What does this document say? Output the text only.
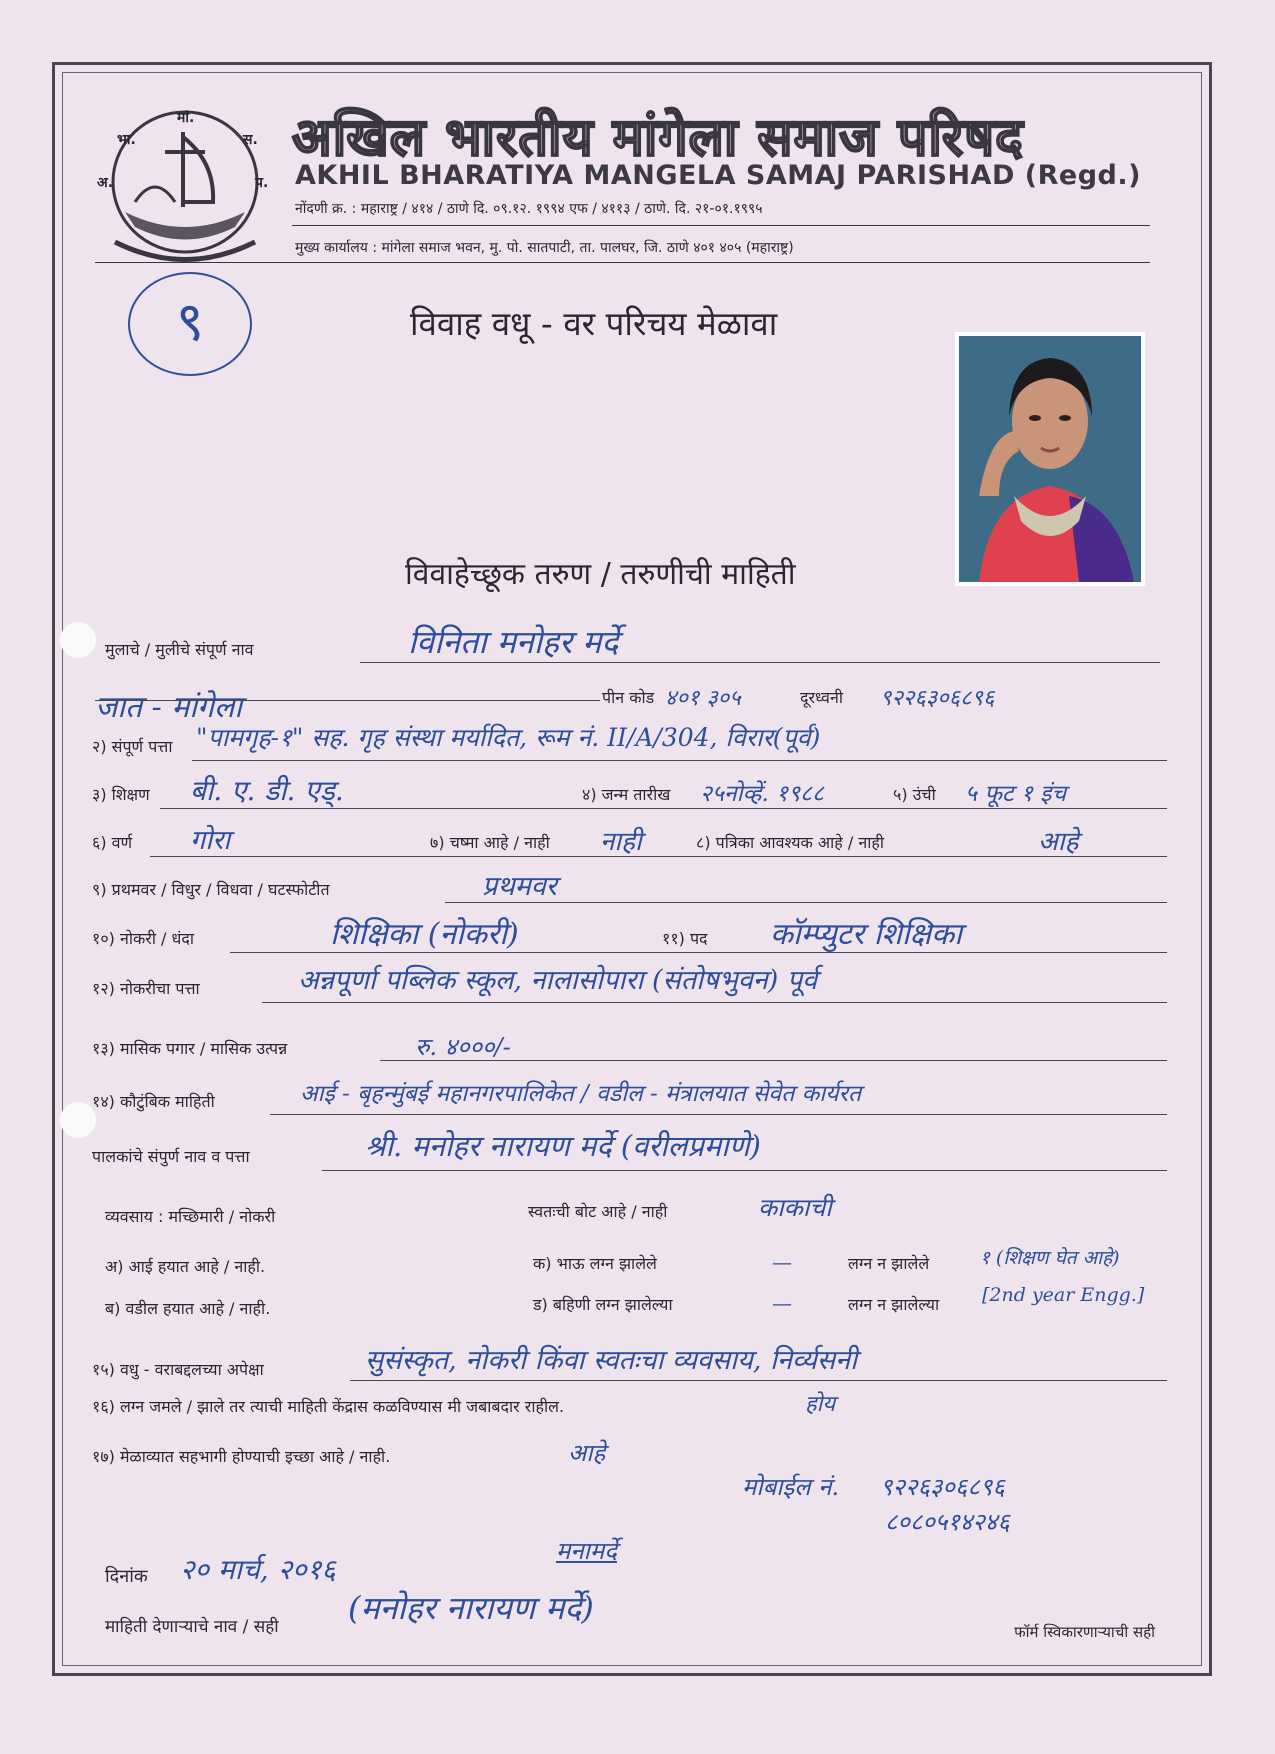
मां.
भा.
अ.
स.
प.
अखिल भारतीय मांगेला समाज परिषद
AKHIL BHARATIYA MANGELA SAMAJ PARISHAD (Regd.)
नोंदणी क्र. : महाराष्ट्र / ४१४ / ठाणे दि. ०९.१२. १९९४ एफ / ४११३ / ठाणे. दि. २१-०१.१९९५
मुख्य कार्यालय : मांगेला समाज भवन, मु. पो. सातपाटी, ता. पालघर, जि. ठाणे ४०१ ४०५ (महाराष्ट्र)
९	विवाह वधू - वर परिचय मेळावा
विवाहेच्छूक तरुण / तरुणीची माहिती
मुलाचे / मुलीचे संपूर्ण नाव	विनिता मनोहर मर्दे
जात - मांगेला	पीन कोड ४०१ ३०५	दूरध्वनी ९२२६३०६८९६
२) संपूर्ण पत्ता "पामगृह-१" सह. गृह संस्था मर्यादित, रूम नं. II/A/304, विरार(पूर्व)
३) शिक्षण बी. ए. डी. एड्.	४) जन्म तारीख २५नोव्हें. १९८८	५) उंची ५ फूट १ इंच
६) वर्ण गोरा	७) चष्मा आहे / नाही नाही	८) पत्रिका आवश्यक आहे / नाही	आहे
९) प्रथमवर / विधुर / विधवा / घटस्फोटीत	प्रथमवर
१०) नोकरी / धंदा	शिक्षिका (नोकरी)	११) पद कॉम्प्युटर शिक्षिका
१२) नोकरीचा पत्ता	अन्नपूर्णा पब्लिक स्कूल, नालासोपारा (संतोषभुवन) पूर्व
१३) मासिक पगार / मासिक उत्पन्न	रु. ४०००/-
१४) कौटुंबिक माहिती	आई - बृहन्मुंबई महानगरपालिकेत / वडील - मंत्रालयात सेवेत कार्यरत
पालकांचे संपुर्ण नाव व पत्ता	श्री. मनोहर नारायण मर्दे (वरीलप्रमाणे)
व्यवसाय : मच्छिमारी / नोकरी	स्वतःची बोट आहे / नाही	काकाची
अ) आई हयात आहे / नाही.
ब) वडील हयात आहे / नाही.
क) भाऊ लग्न झालेले	—	लग्न न झालेले	१ (शिक्षण घेत आहे)
ड) बहिणी लग्न झालेल्या	—	लग्न न झालेल्या [2nd year Engg.]
१५) वधु - वराबद्दलच्या अपेक्षा	सुसंस्कृत, नोकरी किंवा स्वतःचा व्यवसाय, निर्व्यसनी
१६) लग्न जमले / झाले तर त्याची माहिती केंद्रास कळविण्यास मी जबाबदार राहील.	होय
१७) मेळाव्यात सहभागी होण्याची इच्छा आहे / नाही.	आहे
मोबाईल नं. ९२२६३०६८९६
८०८०५१४२४६
दिनांक २० मार्च, २०१६
मनामर्दे
माहिती देणाऱ्याचे नाव / सही (मनोहर नारायण मर्दे)
फॉर्म स्विकारणाऱ्याची सही
